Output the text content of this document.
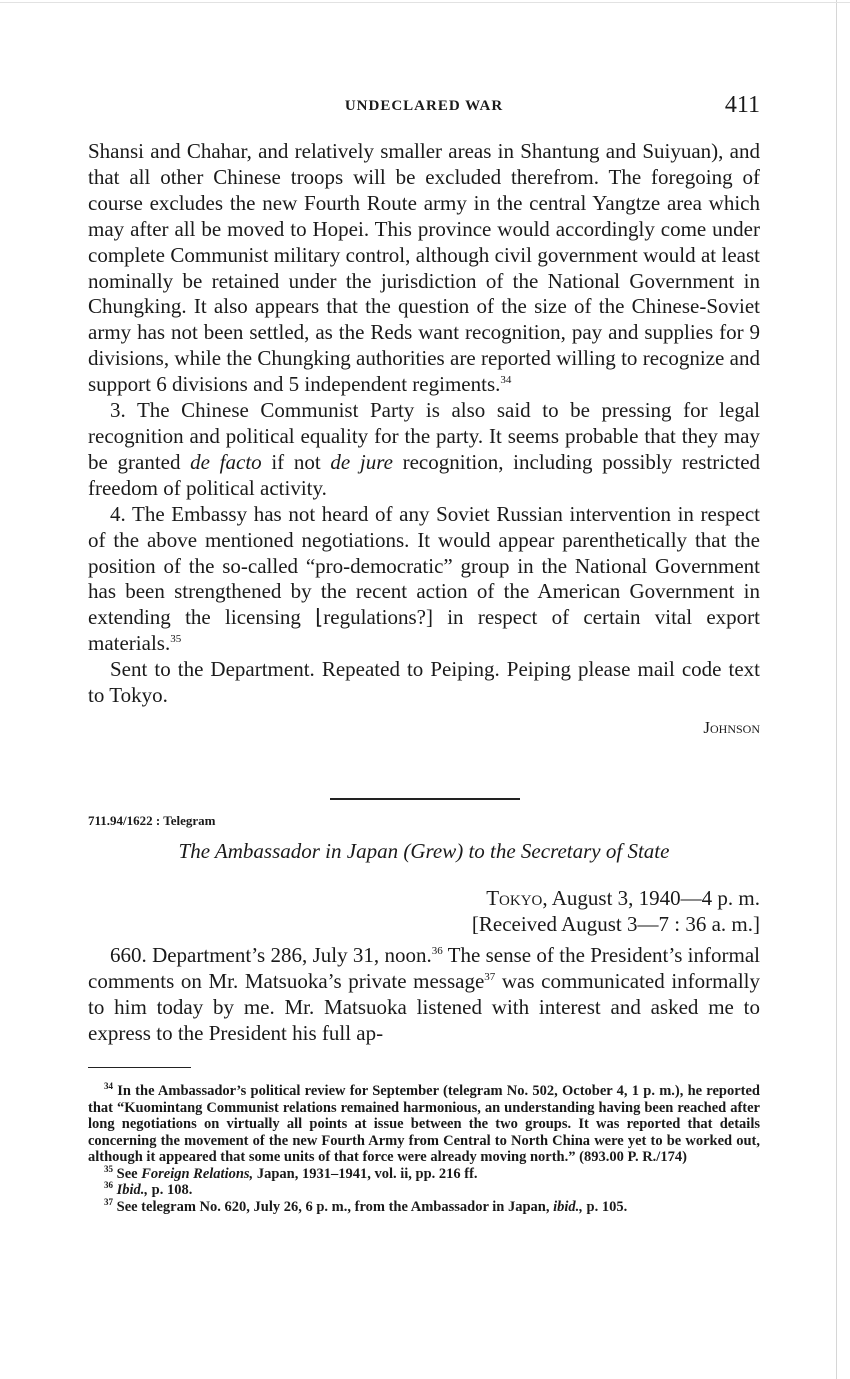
UNDECLARED WAR	411

Shansi and Chahar, and relatively smaller areas in Shantung and Suiyuan), and that all other Chinese troops will be excluded therefrom. The foregoing of course excludes the new Fourth Route army in the central Yangtze area which may after all be moved to Hopei. This province would accordingly come under complete Communist military control, although civil government would at least nominally be retained under the jurisdiction of the National Government in Chungking. It also appears that the question of the size of the Chinese-Soviet army has not been settled, as the Reds want recognition, pay and supplies for 9 divisions, while the Chungking authorities are reported willing to recognize and support 6 divisions and 5 independent regiments.$^{34}$

3. The Chinese Communist Party is also said to be pressing for legal recognition and political equality for the party. It seems probable that they may be granted de facto if not de jure recognition, including possibly restricted freedom of political activity.

4. The Embassy has not heard of any Soviet Russian intervention in respect of the above mentioned negotiations. It would appear parenthetically that the position of the so-called “pro-democratic” group in the National Government has been strengthened by the recent action of the American Government in extending the licensing ⌊regulations?] in respect of certain vital export materials.$^{35}$

Sent to the Department. Repeated to Peiping. Peiping please mail code text to Tokyo.

Johnson
711.94/1622 : Telegram
The Ambassador in Japan (Grew) to the Secretary of State
Tokyo, August 3, 1940—4 p. m.
[Received August 3—7 : 36 a. m.]

660. Department’s 286, July 31, noon.$^{36}$ The sense of the President’s informal comments on Mr. Matsuoka’s private message$^{37}$ was communicated informally to him today by me. Mr. Matsuoka listened with interest and asked me to express to the President his full ap-

$^{34}$ In the Ambassador’s political review for September (telegram No. 502, October 4, 1 p. m.), he reported that “Kuomintang Communist relations remained harmonious, an understanding having been reached after long negotiations on virtually all points at issue between the two groups. It was reported that details concerning the movement of the new Fourth Army from Central to North China were yet to be worked out, although it appeared that some units of that force were already moving north.” (893.00 P. R./174)

$^{35}$ See Foreign Relations, Japan, 1931–1941, vol. ii, pp. 216 ff.

$^{36}$ Ibid., p. 108.

$^{37}$ See telegram No. 620, July 26, 6 p. m., from the Ambassador in Japan, ibid., p. 105.
